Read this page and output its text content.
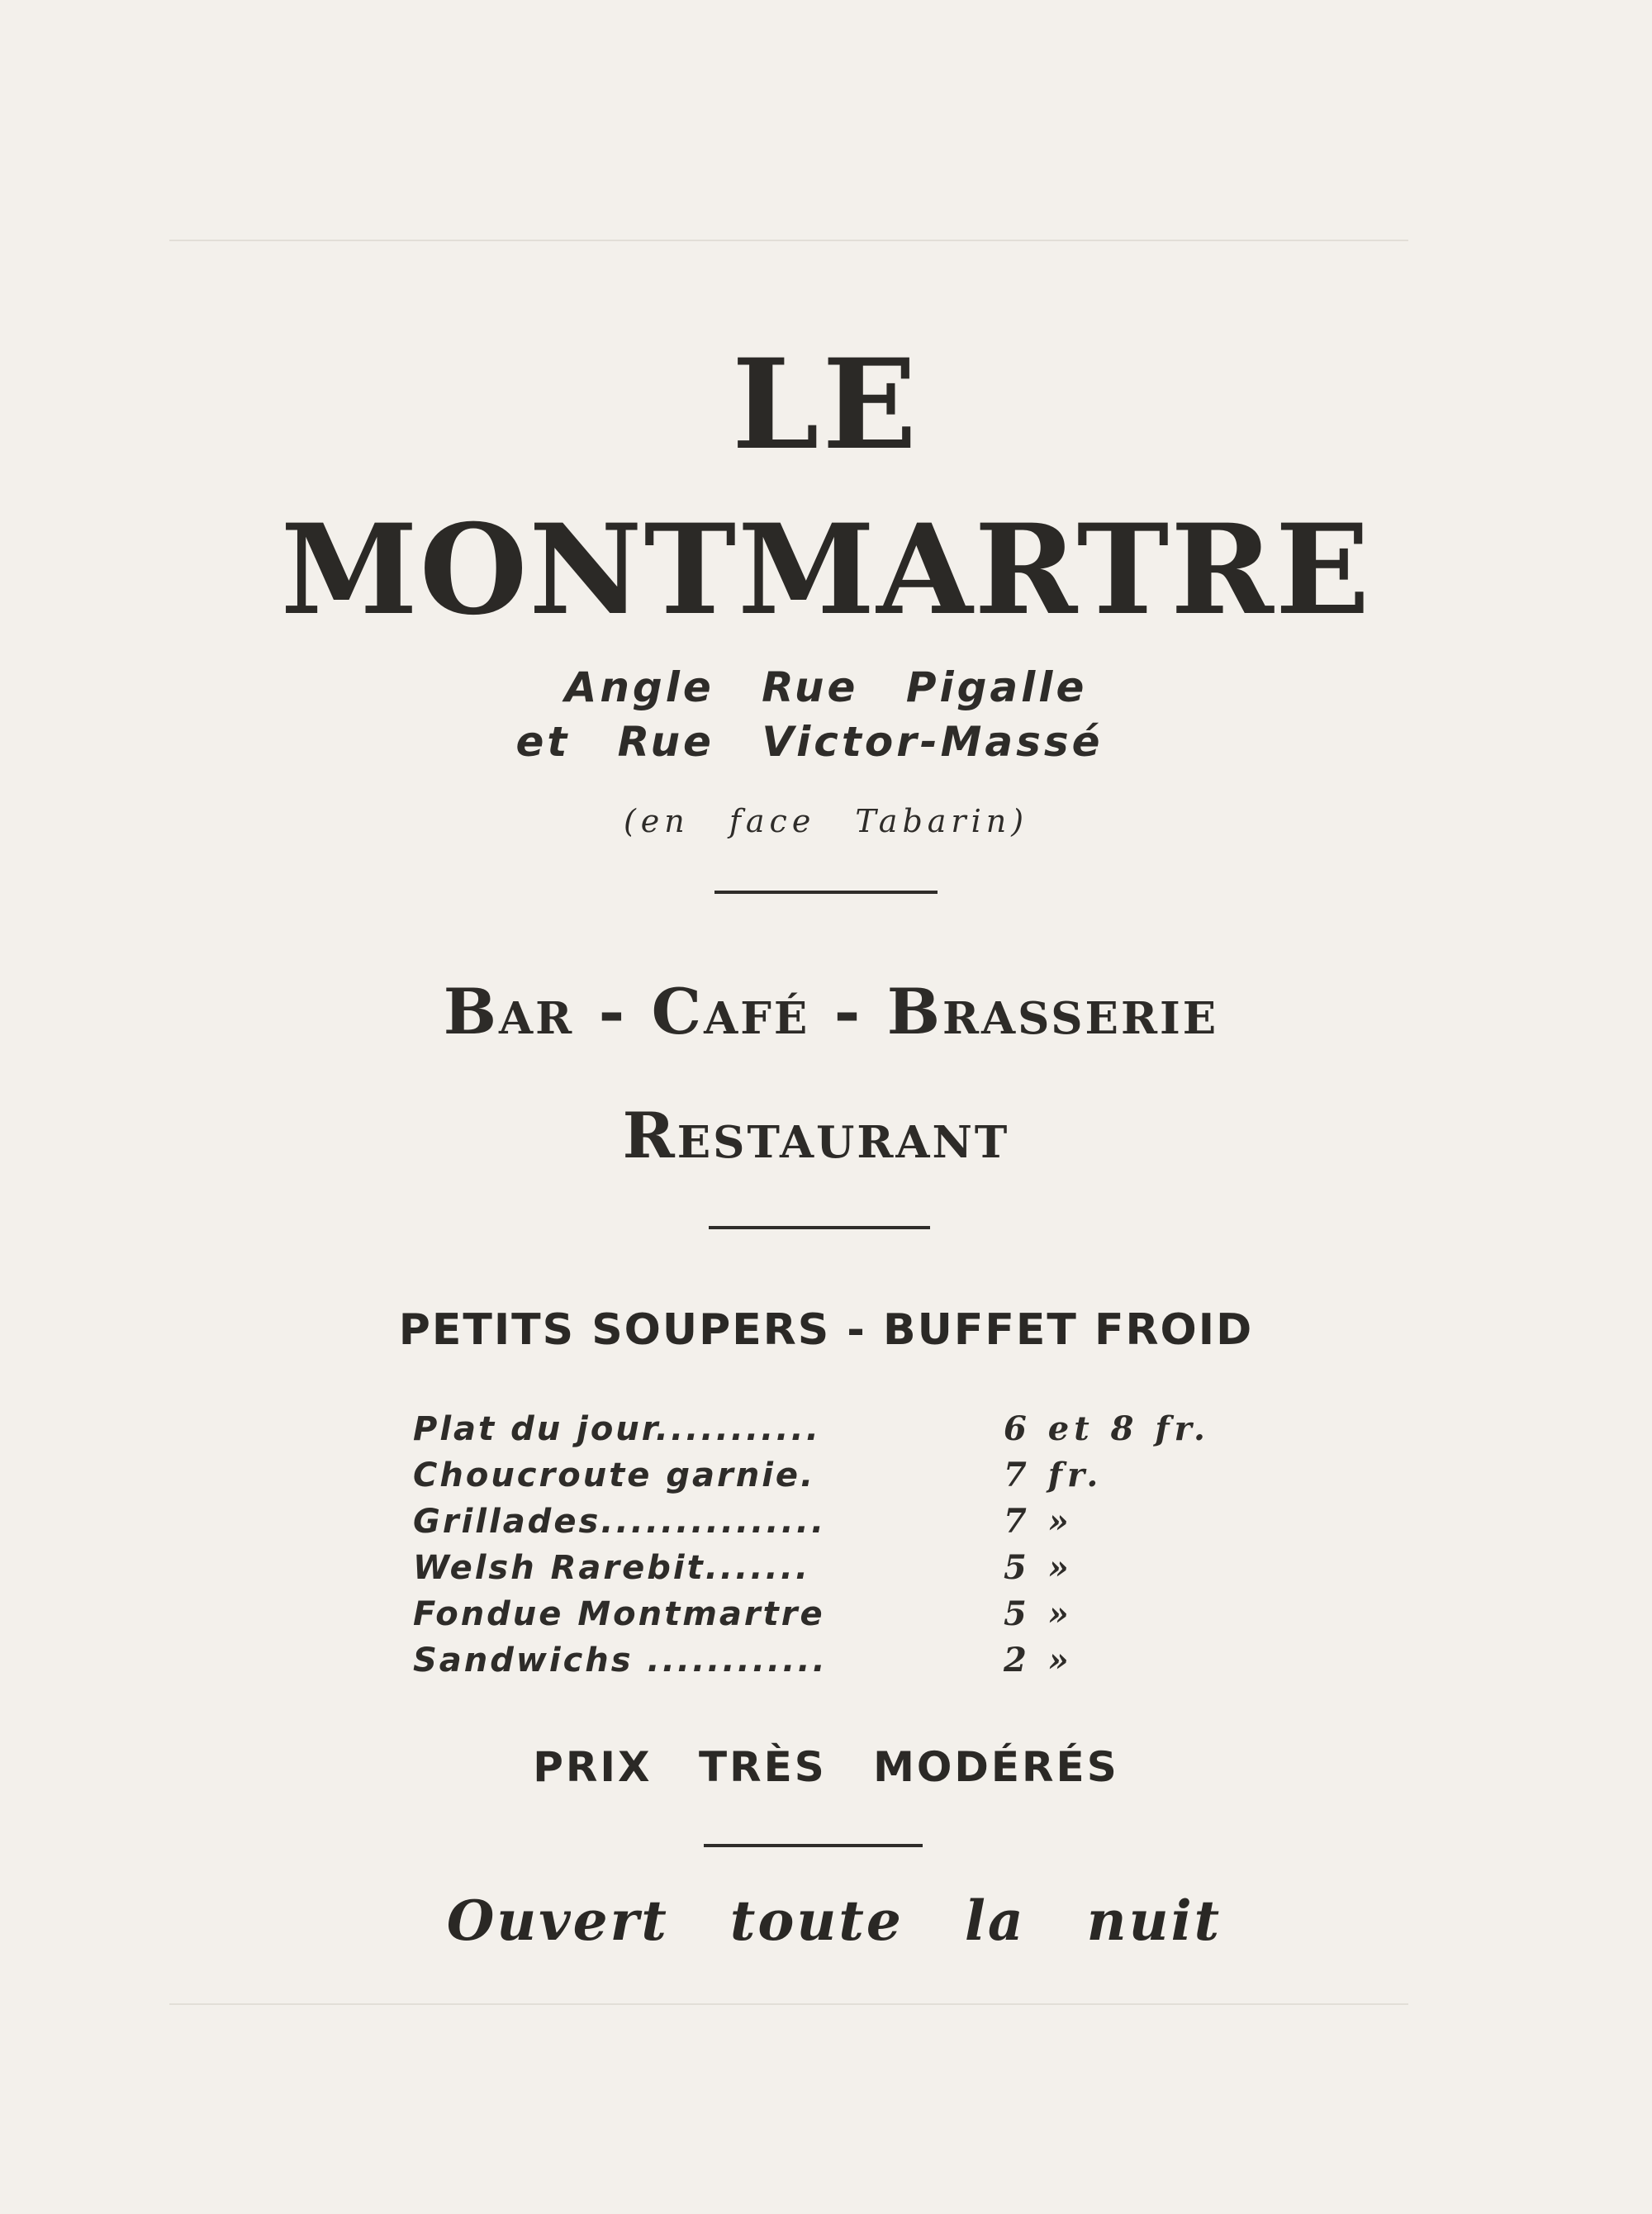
LE
MONTMARTRE
Angle Rue Pigalle
et Rue Victor-Massé
(en face Tabarin)
Bar - Café - Brasserie
Restaurant
PETITS SOUPERS - BUFFET FROID
Plat du jour...........	6 et 8 fr.
Choucroute garnie.	7 fr.
Grillades...............	7 »
Welsh Rarebit.......	5 »
Fondue Montmartre	5 »
Sandwichs ............	2 »
PRIX TRÈS MODÉRÉS
Ouvert toute la nuit
